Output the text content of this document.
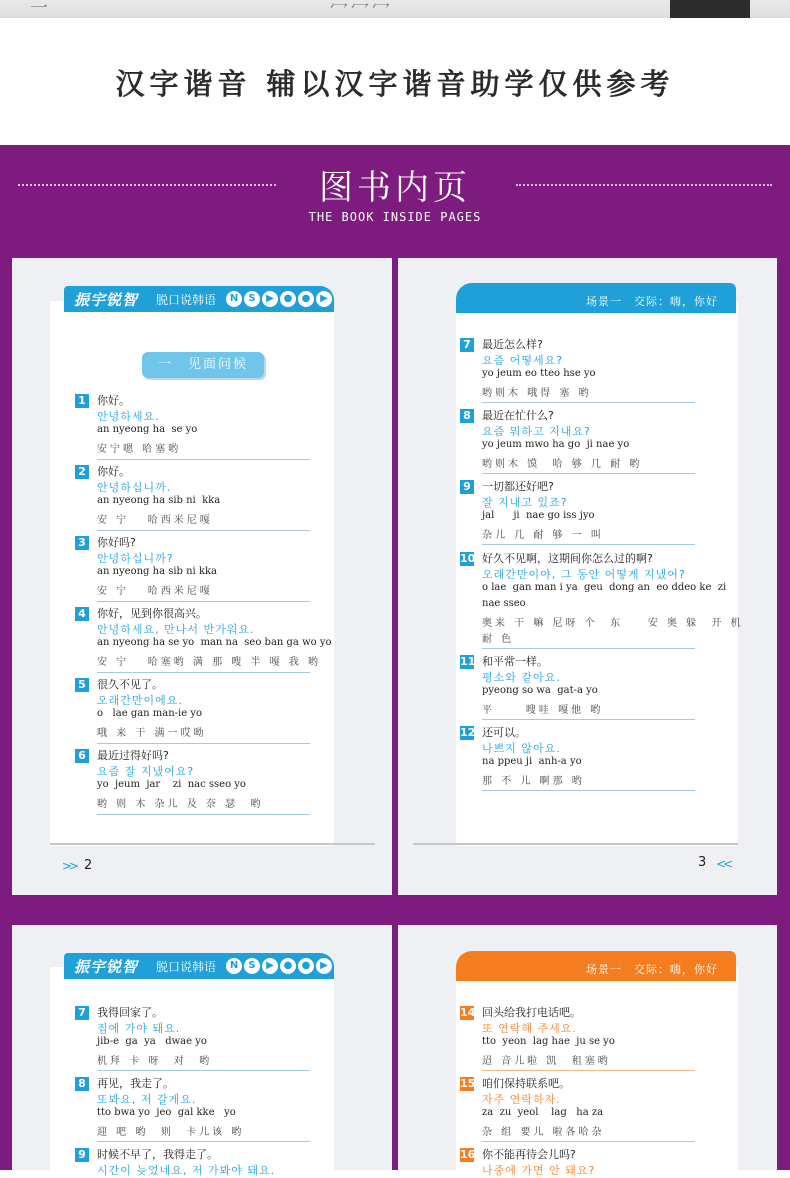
一	冖冖冖
汉字谐音 辅以汉字谐音助学仅供参考
图书内页
THE BOOK INSIDE PAGES
振宇锐智 脱口说韩语	N	S	▶ ● ● ▶
一　见面问候
1 你好。
안녕하세요.
an nyeong ha  se yo
安宁嗯 哈塞哟
2 你好。
안녕하십니까.
an nyeong ha sib ni  kka
安 宁   哈西米尼嘎
3 你好吗?
안녕하십니까?
an nyeong ha sib ni kka
安 宁   哈西米尼嘎
4 你好，见到你很高兴。
안녕하세요, 만나서 반가워요.
an nyeong ha se yo  man na  seo ban ga wo yo
安 宁   哈塞哟 满 那 嗖 半 嘎 我 哟
5 很久不见了。
오래간만이에요.
o   lae gan man-ie yo
哦 来 干 满一哎呦
6 最近过得好吗?
요즘 잘 지냈어요?
yo  jeum  jar    zi  nac sseo yo
哟 则 木 杂儿 及 奈 瑟  哟
>> 2
场景一　交际：嗨，你好
7 最近怎么样?
요즘 어떻세요?
yo jeum eo tteo hse yo
哟则木 哦得 塞 哟
8 最近在忙什么?
요즘 뭐하고 지내요?
yo jeum mwo ha go  ji nae yo
哟则木 馍  哈 够 几 耐 哟
9 一切都还好吧?
잘 지내고 있죠?
jal      ji  nae go iss jyo
杂儿 几 耐 够 一 叫
10 好久不见啊，这期间你怎么过的啊?
오래간만이야, 그 동안 어떻게 지냈어?
o lae  gan man i ya  geu  dong an  eo ddeo ke  zi
nae sseo
奥来 干 嘛 尼呀 个  东    安 奥 躲  开 机
耐 色
11 和平常一样。
평소와 같아요.
pyeong so wa  gat-a yo
平     嗖哇 嘎他 哟
12 还可以。
나쁘지 않아요.
na ppeu ji  anh-a yo
那 不 儿 啊那 哟
3 <<
振宇锐智 脱口说韩语	N	S	▶ ● ● ▶
7 我得回家了。
집에 가야 돼요.
jib-e  ga  ya   dwae yo
机拜 卡 呀  对  哟
8 再见，我走了。
또봐요, 저 갈게요.
tto bwa yo  jeo  gal kke   yo
迎 吧 哟  则  卡儿该 哟
9 时候不早了，我得走了。
시간이 늦었네요, 저 가봐야 돼요.
场景一　交际：嗨，你好
14 回头给我打电话吧。
또 연락해 주세요.
tto  yeon  lag hae  ju se yo
迢 音儿啦 凯  租塞哟
15 咱们保持联系吧。
자주 연락하자.
za  zu  yeol    lag   ha za
杂 组 要儿 啦各哈杂
16 你不能再待会儿吗?
나중에 가면 안 돼요?
